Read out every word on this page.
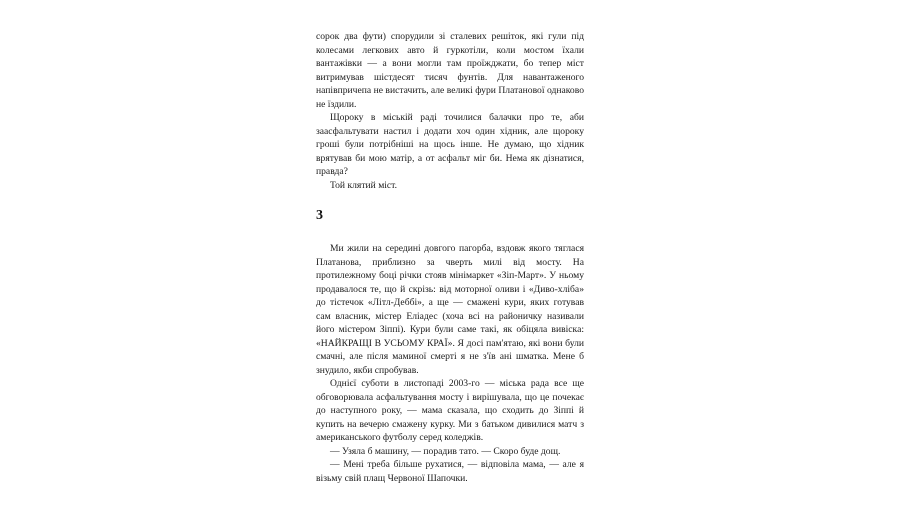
сорок два фути) спорудили зі сталевих решіток, які гули під колесами легкових авто й гуркотіли, коли мостом їхали вантажівки — а вони могли там проїжджати, бо тепер міст витримував шістдесят тисяч фунтів. Для навантаженого напівпричепа не вистачить, але великі фури Платанової однаково не їздили.

Щороку в міській раді точилися балачки про те, аби заасфальтувати настил і додати хоч один хідник, але щороку гроші були потрібніші на щось інше. Не думаю, що хідник врятував би мою матір, а от асфальт міг би. Нема як дізнатися, правда?

Той клятий міст.

3

Ми жили на середині довгого пагорба, вздовж якого тяглася Платанова, приблизно за чверть милі від мосту. На протилежному боці річки стояв мінімаркет «Зіп-Март». У ньому продавалося те, що й скрізь: від моторної оливи і «Диво-хліба» до тістечок «Літл-Деббі», а ще — смажені кури, яких готував сам власник, містер Еліадес (хоча всі на районичку називали його містером Зіппі). Кури були саме такі, як обіцяла вивіска: «НАЙКРАЩІ В УСЬОМУ КРАЇ». Я досі пам'ятаю, які вони були смачні, але після маминої смерті я не з'їв ані шматка. Мене б знудило, якби спробував.

Однієї суботи в листопаді 2003-го — міська рада все ще обговорювала асфальтування мосту і вирішувала, що це почекає до наступного року, — мама сказала, що сходить до Зіппі й купить на вечерю смажену курку. Ми з батьком дивилися матч з американського футболу серед коледжів.

— Узяла б машину, — порадив тато. — Скоро буде дощ.

— Мені треба більше рухатися, — відповіла мама, — але я візьму свій плащ Червоної Шапочки.
